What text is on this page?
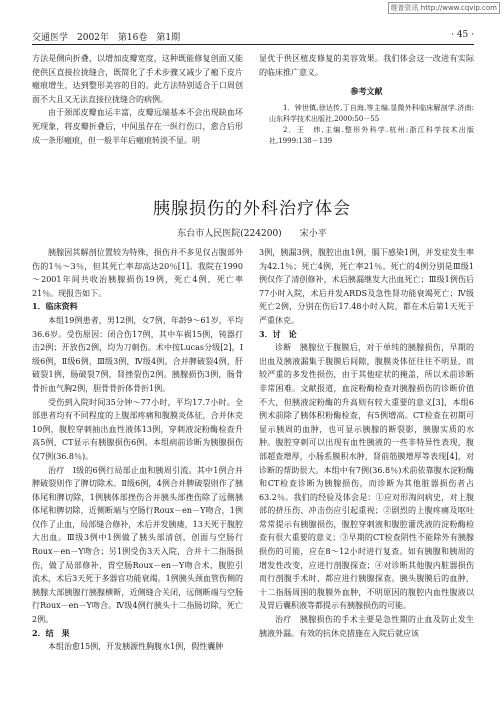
维普资讯 http://www.cqvip.com
交通医学　2002年　第16卷　第1期	· 45 ·

方法是侧向折叠，以增加皮瓣宽度，这种既能修复创面又能使供区直接拉拢缝合，既简化了手术步骤又减少了瘢下皮片瘢痕增生，达到整形美容的目的。此方法特别适合于口周创面不大且又无法直接拉拢缝合的病例。

由于颈部皮瓣血运丰富，皮瓣远端基本不会出现缺血坏死现象，将皮瓣折叠后，中间虽存在一纵行伤口，愈合后形成一条形瘢痕，但一般半年后瘢痕转淡不显。明

显优于供区植皮修复的美容效果。我们体会这一改进有实际的临床推广意义。

参考文献

1．钟世镇,徐达传,丁自海,等主编.显微外科临床解剖学.济南:山东科学技术出版社,2000:50－55

2．王　炜,主编.整形外科学.杭州:浙江科学技术出版社,1999:138－139

胰腺损伤的外科治疗体会
东台市人民医院(224200)　　宋小平

胰腺因其解剖位置较为特殊，损伤并不多见仅占腹部外伤的1％～3％，但其死亡率却高达20％[1]。我院在1990～2001年间共收治胰腺损伤19例，死亡4例，死亡率21％。现报告如下。

1．临床资料

本组19例患者，男12例，女7例，年龄9～61岁，平均36.6岁。受伤原因：闭合伤17例，其中车祸15例，钝器打击2例；开放伤2例，均为刀刺伤。术中按Lucas分级[2]，Ⅰ级6例，Ⅱ级6例，Ⅲ级3例，Ⅳ级4例。合并脾破裂4例，肝破裂1例，肠破裂7例，肾挫裂伤2例。胰腺损伤3例，肠骨骨折血气胸2例，胆骨骨折体骨折1例。

受伤到入院时间35分钟～77小时，平均17.7小时。全部患者均有不同程度的上腹部疼痛和腹膜炎体征，合并休克10例，腹腔穿刺抽出血性液体13例，穿刺液淀粉酶检查升高5例，CT显示有胰腺损伤6例。本组病前诊断为胰腺损伤仅7例(36.8％)。

治疗　Ⅰ级的6例行局部止血和胰周引流。其中1例合并脾破裂则作了脾切除术。Ⅱ级6例，4例合并脾破裂则作了胰体尾和脾切除，1例胰体部挫伤合并胰头部挫伤除了远侧胰体尾和脾切除，近侧断端与空肠行Roux－en－Y吻合，1例仅作了止血，局部缝合修补，术后并发胰瘘，13天死于腹腔大出血。Ⅲ级3例中1例做了胰头部清创，创面与空肠行Roux－en－Y吻合；另1例受伤3天入院，合并十二指肠损伤，做了局部修补，胃空肠Roux－en－Y吻合术，腹腔引流术，术后3天死于多器官功能衰竭。1例胰头颈血管伤侧的胰腺大部胰腺行胰腺横断，近侧缝合关闭，远侧断端与空肠行Roux－en－Y吻合。Ⅳ级4例行胰头十二指肠切除，死亡2例。

2．结　果

本组治愈15例，开发胰源性胸腹水1例，假性囊肿

3例，胰漏3例，腹腔出血1例，膈下感染1例，并发症发生率为42.1％；死亡4例，死亡率21％。死亡的4例分别是Ⅲ级1例仅作了清创修补，术后胰漏继发大出血死亡；Ⅲ级1例伤后77小时入院，术后并发ARDS及急性肾功能衰竭死亡；Ⅳ级死亡2例，分别在伤后17.48小时入院，都在术后第1天死于严重休克。

3．讨　论

诊断　胰腺位于腹膜后，对于单纯的胰腺损伤，早期的出血及胰液漏集于腹膜后间隙，腹膜炎体征往往不明显，而较严重的多发性损伤，由于其他症状的掩盖，所以术前诊断非常困难。文献报道，血淀粉酶检查对胰腺损伤的诊断价值不大，但胰液淀粉酶的升高则有较大重要的意义[3]，本组6例术前除了胰体积粉酶检查，有5例增高。CT检查在初期可显示胰周的血肿，也可显示胰腺的断裂影，胰腺实质的水肿。腹腔穿刺可以出现有血性胰液的一些非特异性表现，腹部超查增厚，小肠系膜积水肿，肾前筋膜增厚等表现[4]，对诊断的帮助很大。本组中有7例(36.8％)术前依靠腹水淀粉酶和CT检查诊断为胰腺损伤，而诊断为其他脏器损伤者占63.2％。我们的经验及体会是：①应对形淘问病史，对上腹部的挤压伤、冲击伤应引起重视；②剧烈的上腹疼痛及呕吐常常提示有胰腺损伤，腹腔穿刺液和腹腔灌洗液的淀粉酶检查有很大重要的意义；③早期的CT检查阴性不能除外有胰腺损伤的可能，应在8～12小时进行复查。如有胰腺和胰周的增发性改变，应进行剖腹探查；④对诊断其他腹内脏器损伤而行剖腹手术时，都应进行胰腺探查。胰头腹膜后的血肿，十二指肠周围的腹膜外血肿，不明原因的腹腔内血性腹液以及胃后囊积液等都提示有胰腺损伤的可能。

治疗　胰腺损伤的手术主要是急性期的止血及防止发生胰液外漏。有效的抗休克措施在入院后就应该
